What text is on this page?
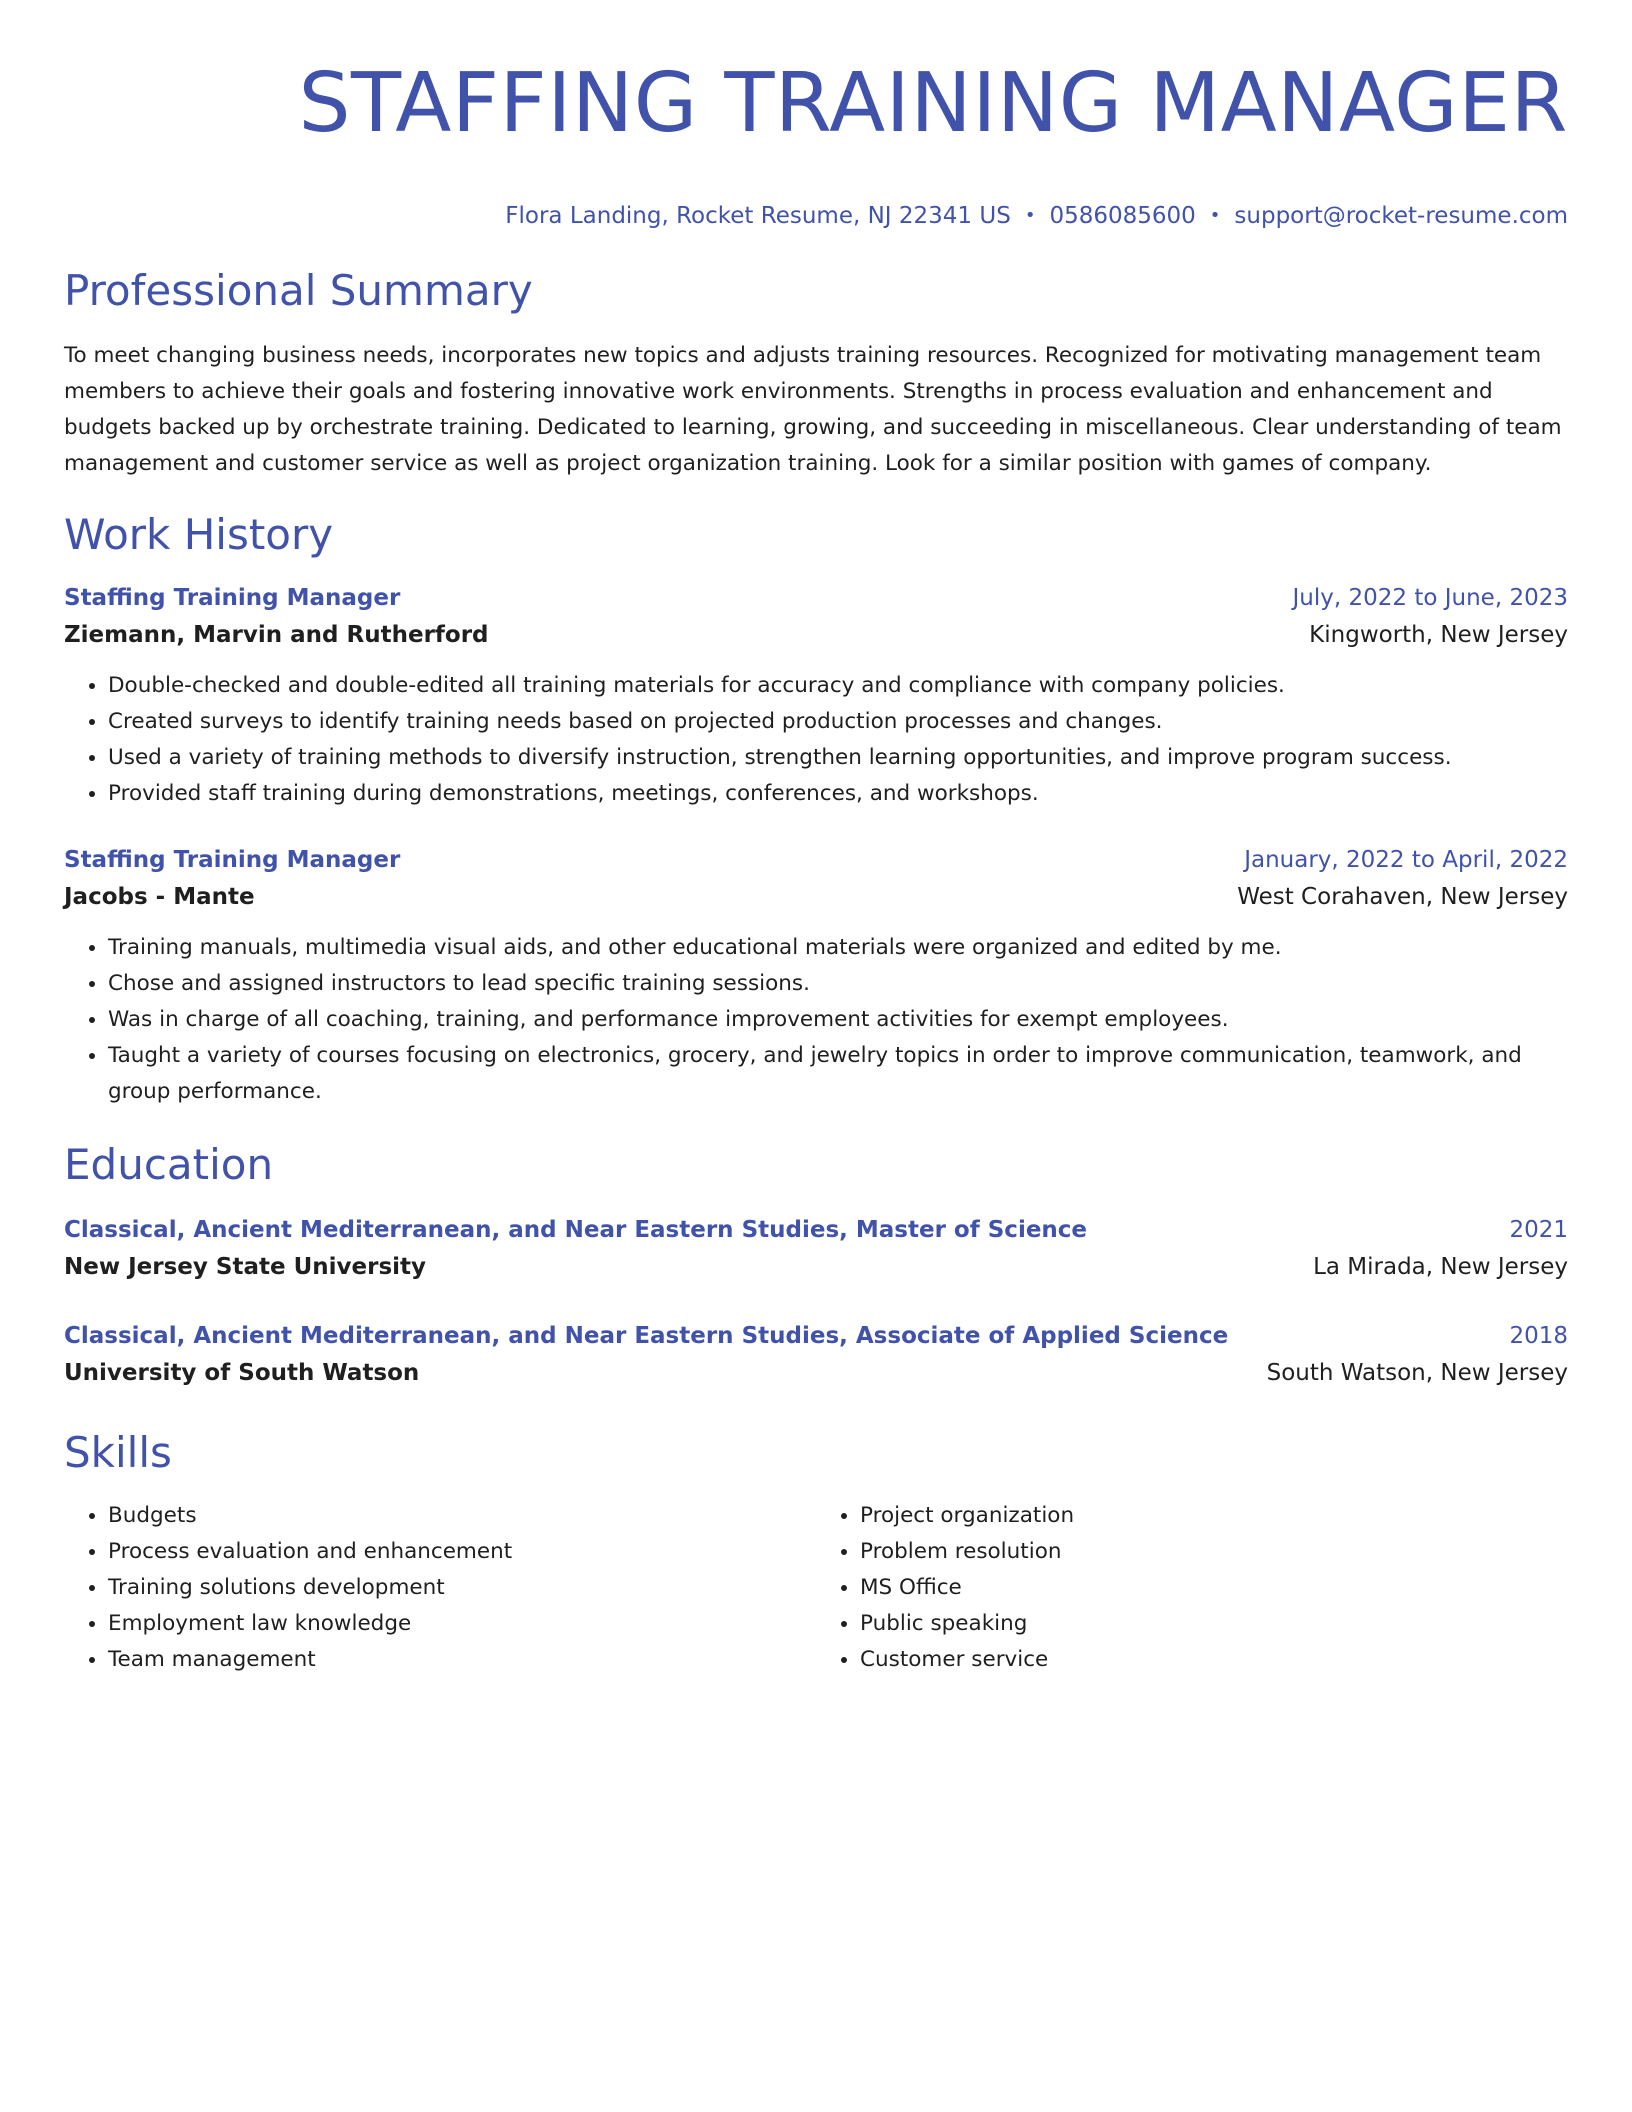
STAFFING TRAINING MANAGER
Flora Landing, Rocket Resume, NJ 22341 US • 0586085600 • support@rocket-resume.com
Professional Summary

To meet changing business needs, incorporates new topics and adjusts training resources. Recognized for motivating management team members to achieve their goals and fostering innovative work environments. Strengths in process evaluation and enhancement and budgets backed up by orchestrate training. Dedicated to learning, growing, and succeeding in miscellaneous. Clear understanding of team management and customer service as well as project organization training. Look for a similar position with games of company.

Work History
Staffing Training Manager	July, 2022 to June, 2023
Ziemann, Marvin and Rutherford	Kingworth, New Jersey
• Double-checked and double-edited all training materials for accuracy and compliance with company policies.
• Created surveys to identify training needs based on projected production processes and changes.
• Used a variety of training methods to diversify instruction, strengthen learning opportunities, and improve program success.
• Provided staff training during demonstrations, meetings, conferences, and workshops.
Staffing Training Manager	January, 2022 to April, 2022
Jacobs - Mante	West Corahaven, New Jersey
• Training manuals, multimedia visual aids, and other educational materials were organized and edited by me.
• Chose and assigned instructors to lead specific training sessions.
• Was in charge of all coaching, training, and performance improvement activities for exempt employees.
• Taught a variety of courses focusing on electronics, grocery, and jewelry topics in order to improve communication, teamwork, and group performance.
Education
Classical, Ancient Mediterranean, and Near Eastern Studies, Master of Science	2021
New Jersey State University	La Mirada, New Jersey
Classical, Ancient Mediterranean, and Near Eastern Studies, Associate of Applied Science	2018
University of South Watson	South Watson, New Jersey
Skills
• Budgets
• Process evaluation and enhancement
• Training solutions development
• Employment law knowledge
• Team management
• Project organization
• Problem resolution
• MS Office
• Public speaking
• Customer service
